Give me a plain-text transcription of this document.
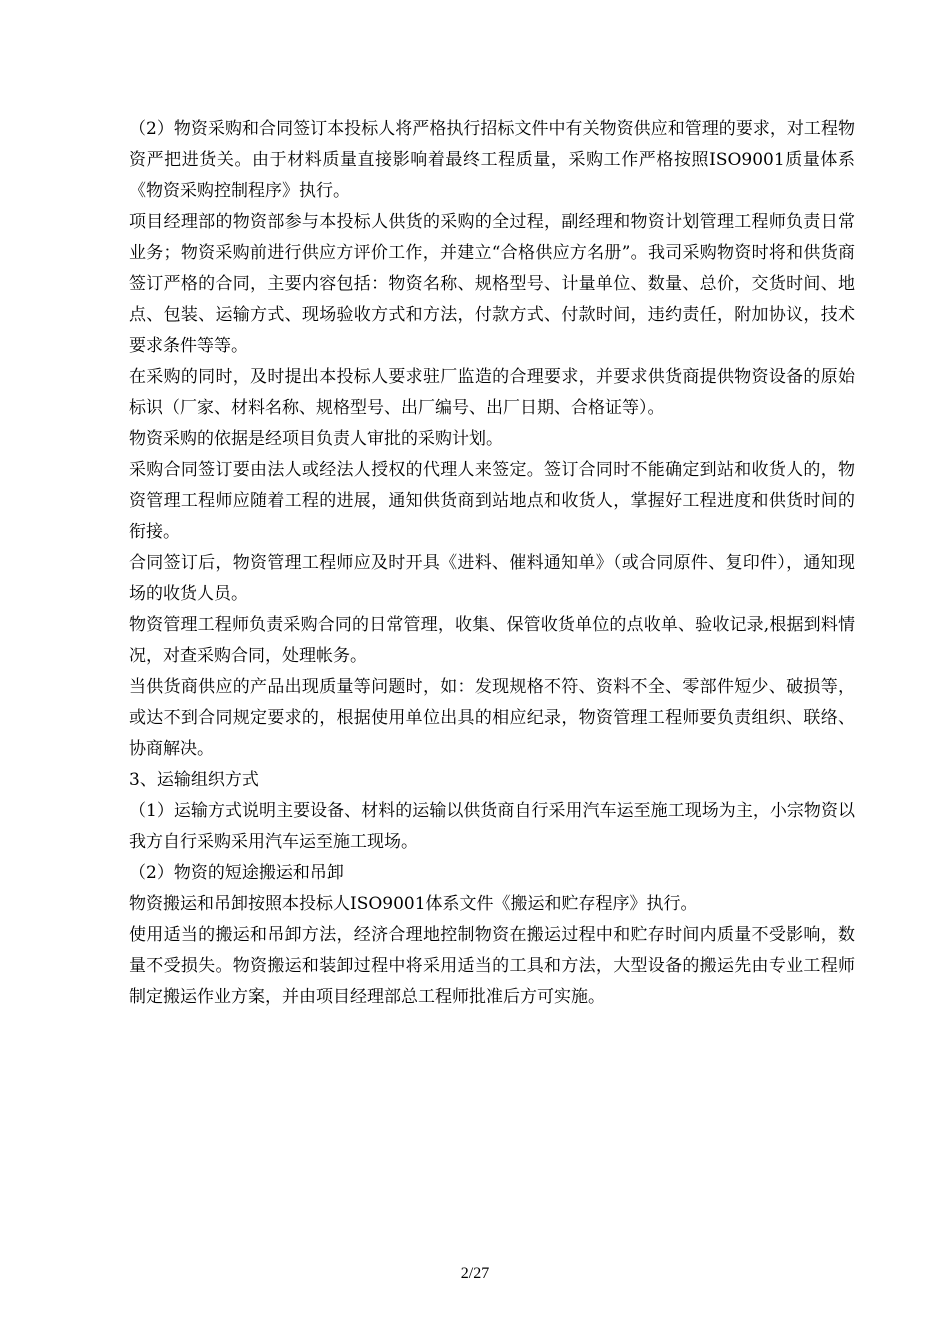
（2）物资采购和合同签订本投标人将严格执行招标文件中有关物资供应和管理的要求，对工程物资严把进货关。由于材料质量直接影响着最终工程质量，采购工作严格按照ISO9001质量体系《物资采购控制程序》执行。

项目经理部的物资部参与本投标人供货的采购的全过程，副经理和物资计划管理工程师负责日常业务；物资采购前进行供应方评价工作，并建立“合格供应方名册”。我司采购物资时将和供货商签订严格的合同，主要内容包括：物资名称、规格型号、计量单位、数量、总价，交货时间、地点、包装、运输方式、现场验收方式和方法，付款方式、付款时间，违约责任，附加协议，技术要求条件等等。

在采购的同时，及时提出本投标人要求驻厂监造的合理要求，并要求供货商提供物资设备的原始标识（厂家、材料名称、规格型号、出厂编号、出厂日期、合格证等）。

物资采购的依据是经项目负责人审批的采购计划。

采购合同签订要由法人或经法人授权的代理人来签定。签订合同时不能确定到站和收货人的，物资管理工程师应随着工程的进展，通知供货商到站地点和收货人，掌握好工程进度和供货时间的衔接。

合同签订后，物资管理工程师应及时开具《进料、催料通知单》（或合同原件、复印件），通知现场的收货人员。

物资管理工程师负责采购合同的日常管理，收集、保管收货单位的点收单、验收记录,根据到料情况，对查采购合同，处理帐务。

当供货商供应的产品出现质量等问题时，如：发现规格不符、资料不全、零部件短少、破损等，或达不到合同规定要求的，根据使用单位出具的相应纪录，物资管理工程师要负责组织、联络、协商解决。

3、运输组织方式

（1）运输方式说明主要设备、材料的运输以供货商自行采用汽车运至施工现场为主，小宗物资以我方自行采购采用汽车运至施工现场。

（2）物资的短途搬运和吊卸

物资搬运和吊卸按照本投标人ISO9001体系文件《搬运和贮存程序》执行。

使用适当的搬运和吊卸方法，经济合理地控制物资在搬运过程中和贮存时间内质量不受影响，数量不受损失。物资搬运和装卸过程中将采用适当的工具和方法，大型设备的搬运先由专业工程师制定搬运作业方案，并由项目经理部总工程师批准后方可实施。

2/27
